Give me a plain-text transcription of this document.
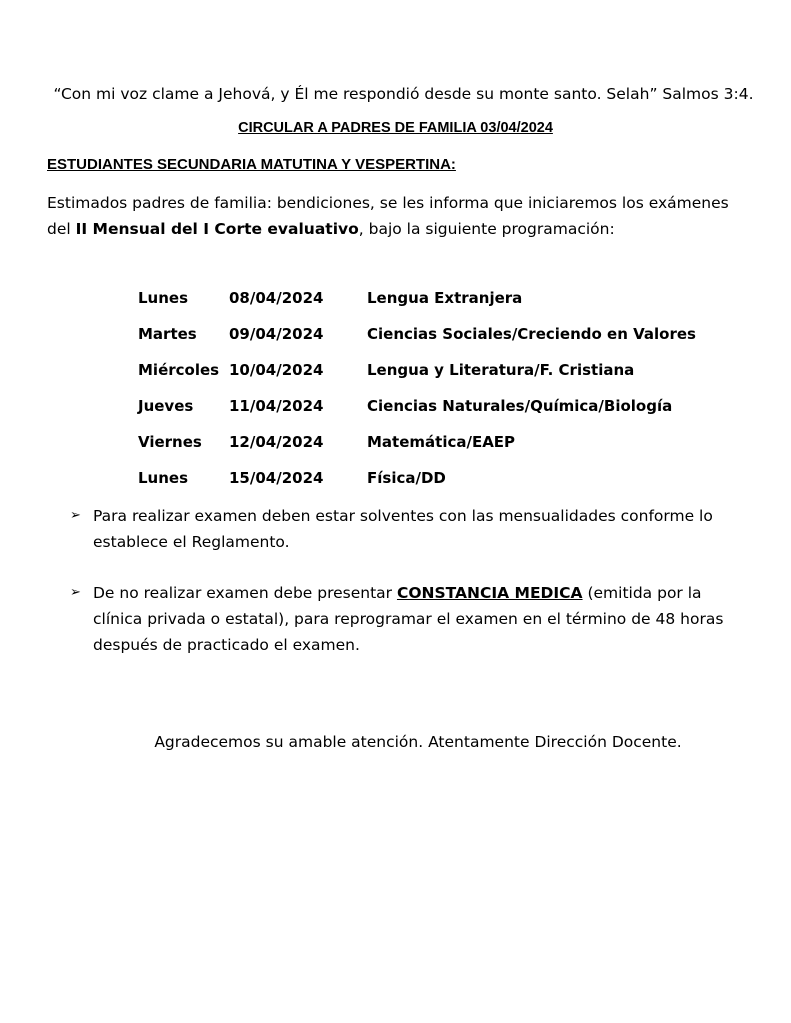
“Con mi voz clame a Jehová, y Él me respondió desde su monte santo. Selah” Salmos 3:4.
CIRCULAR A PADRES DE FAMILIA 03/04/2024
ESTUDIANTES SECUNDARIA MATUTINA Y VESPERTINA:
Estimados padres de familia: bendiciones, se les informa que iniciaremos los exámenes del II Mensual del I Corte evaluativo, bajo la siguiente programación:
Lunes	08/04/2024	Lengua Extranjera
Martes 09/04/2024	Ciencias Sociales/Creciendo en Valores
Miércoles 10/04/2024	Lengua y Literatura/F. Cristiana
Jueves 11/04/2024	Ciencias Naturales/Química/Biología
Viernes 12/04/2024	Matemática/EAEP
Lunes	15/04/2024	Física/DD
➢ Para realizar examen deben estar solventes con las mensualidades conforme lo establece el Reglamento.
➢ De no realizar examen debe presentar CONSTANCIA MEDICA (emitida por la clínica privada o estatal), para reprogramar el examen en el término de 48 horas después de practicado el examen.
Agradecemos su amable atención. Atentamente Dirección Docente.
